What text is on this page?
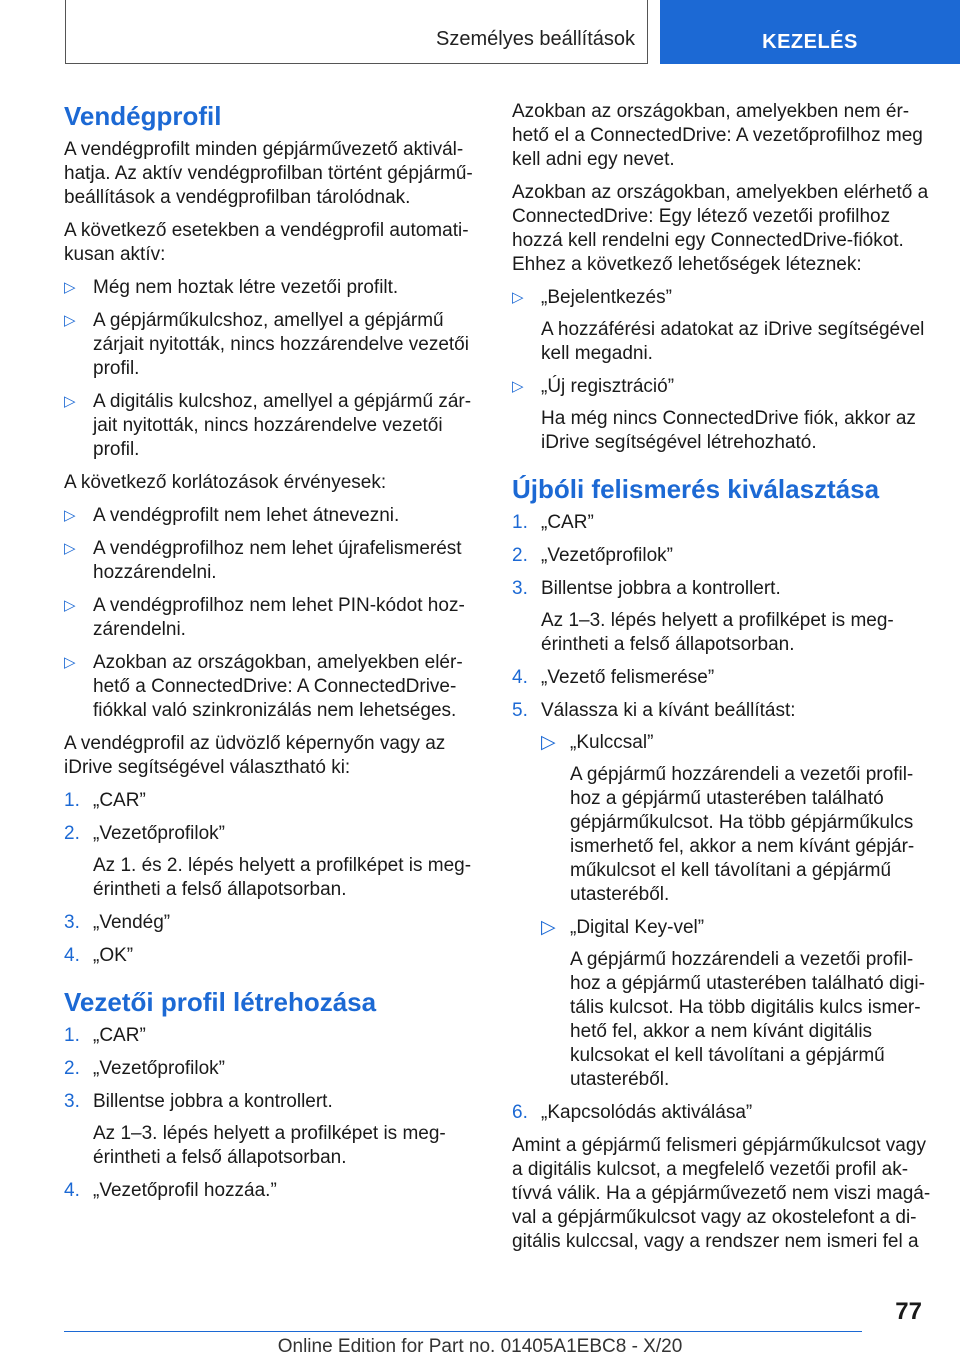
Személyes beállítások	KEZELÉS
Vendégprofil

A vendégprofilt minden gépjárművezető aktivál-hatja. Az aktív vendégprofilban történt gépjármű-beállítások a vendégprofilban tárolódnak.

A következő esetekben a vendégprofil automati-kusan aktív:

▷ Még nem hoztak létre vezetői profilt.
▷ A gépjárműkulcshoz, amellyel a gépjármű zárjait nyitották, nincs hozzárendelve vezetői profil.
▷ A digitális kulcshoz, amellyel a gépjármű zár-jait nyitották, nincs hozzárendelve vezetői profil.

A következő korlátozások érvényesek:

▷ A vendégprofilt nem lehet átnevezni.
▷ A vendégprofilhoz nem lehet újrafelismerést hozzárendelni.
▷ A vendégprofilhoz nem lehet PIN-kódot hoz-zárendelni.
▷ Azokban az országokban, amelyekben elér-hető a ConnectedDrive: A ConnectedDrive-fiókkal való szinkronizálás nem lehetséges.

A vendégprofil az üdvözlő képernyőn vagy az iDrive segítségével választható ki:

1. „CAR”
2. „Vezetőprofilok”
Az 1. és 2. lépés helyett a profilképet is meg-érintheti a felső állapotsorban.
3. „Vendég”
4. „OK”
Vezetői profil létrehozása
1. „CAR”
2. „Vezetőprofilok”
3. Billentse jobbra a kontrollert.
Az 1–3. lépés helyett a profilképet is meg-érintheti a felső állapotsorban.
4. „Vezetőprofil hozzáa.”

Azokban az országokban, amelyekben nem ér-hető el a ConnectedDrive: A vezetőprofilhoz meg kell adni egy nevet.

Azokban az országokban, amelyekben elérhető a ConnectedDrive: Egy létező vezetői profilhoz hozzá kell rendelni egy ConnectedDrive-fiókot. Ehhez a következő lehetőségek léteznek:

▷ „Bejelentkezés”
A hozzáférési adatokat az iDrive segítségével kell megadni.
▷ „Új regisztráció”
Ha még nincs ConnectedDrive fiók, akkor az iDrive segítségével létrehozható.
Újbóli felismerés kiválasztása
1. „CAR”
2. „Vezetőprofilok”
3. Billentse jobbra a kontrollert.
Az 1–3. lépés helyett a profilképet is meg-érintheti a felső állapotsorban.
4. „Vezető felismerése”
5. Válassza ki a kívánt beállítást:
▷ „Kulccsal”
A gépjármű hozzárendeli a vezetői profil-hoz a gépjármű utasterében található gépjárműkulcsot. Ha több gépjárműkulcs ismerhető fel, akkor a nem kívánt gépjár-műkulcsot el kell távolítani a gépjármű utasteréből.
▷ „Digital Key-vel”
A gépjármű hozzárendeli a vezetői profil-hoz a gépjármű utasterében található digi-tális kulcsot. Ha több digitális kulcs ismer-hető fel, akkor a nem kívánt digitális kulcsokat el kell távolítani a gépjármű utasteréből.
6. „Kapcsolódás aktiválása”

Amint a gépjármű felismeri gépjárműkulcsot vagy a digitális kulcsot, a megfelelő vezetői profil ak-tívvá válik. Ha a gépjárművezető nem viszi magá-val a gépjárműkulcsot vagy az okostelefont a di-gitális kulccsal, vagy a rendszer nem ismeri fel a

77
Online Edition for Part no. 01405A1EBC8 - X/20
